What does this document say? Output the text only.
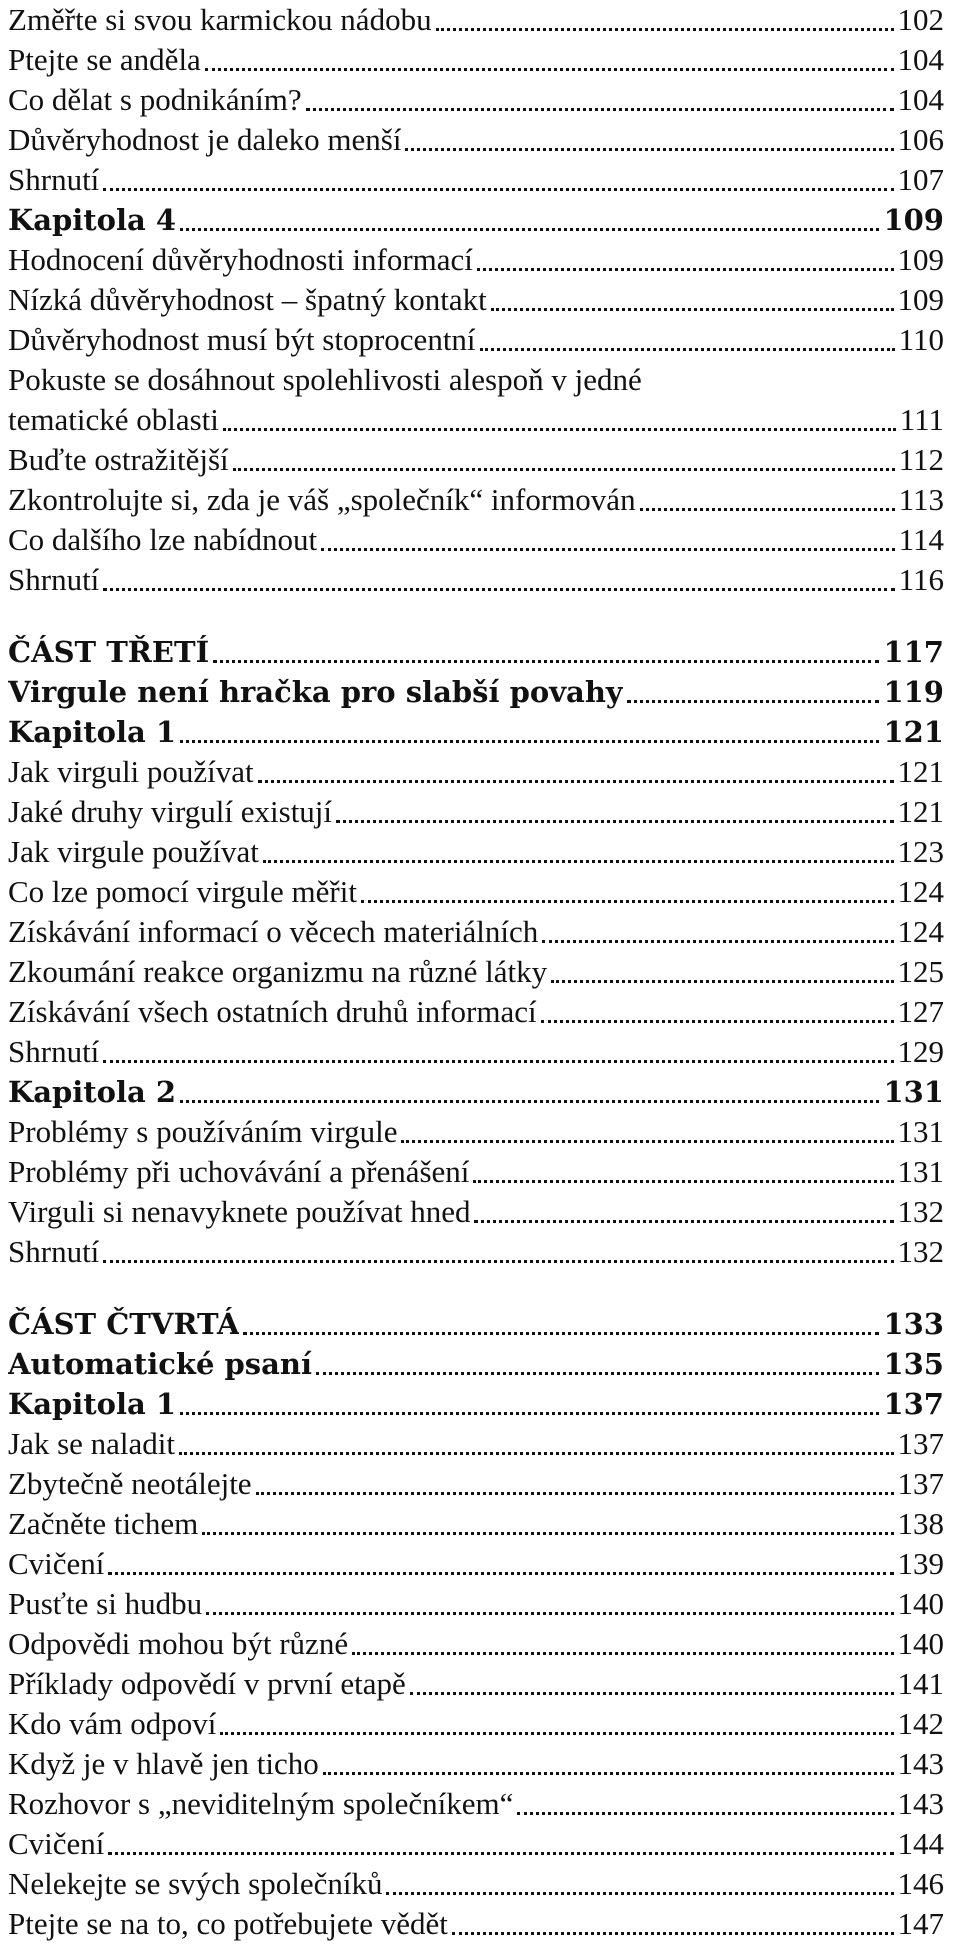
Změřte si svou karmickou nádobu	102
Ptejte se anděla	104
Co dělat s podnikáním?	104
Důvěryhodnost je daleko menší	106
Shrnutí	107
Kapitola 4	109
Hodnocení důvěryhodnosti informací	109
Nízká důvěryhodnost – špatný kontakt	109
Důvěryhodnost musí být stoprocentní	110
Pokuste se dosáhnout spolehlivosti alespoň v jedné
tematické oblasti	111
Buďte ostražitější	112
Zkontrolujte si, zda je váš „společník“ informován	113
Co dalšího lze nabídnout	114
Shrnutí	116
ČÁST TŘETÍ	117
Virgule není hračka pro slabší povahy	119
Kapitola 1	121
Jak virguli používat	121
Jaké druhy virgulí existují	121
Jak virgule používat	123
Co lze pomocí virgule měřit	124
Získávání informací o věcech materiálních	124
Zkoumání reakce organizmu na různé látky	125
Získávání všech ostatních druhů informací	127
Shrnutí	129
Kapitola 2	131
Problémy s používáním virgule	131
Problémy při uchovávání a přenášení	131
Virguli si nenavyknete používat hned	132
Shrnutí	132
ČÁST ČTVRTÁ	133
Automatické psaní	135
Kapitola 1	137
Jak se naladit	137
Zbytečně neotálejte	137
Začněte tichem	138
Cvičení	139
Pusťte si hudbu	140
Odpovědi mohou být různé	140
Příklady odpovědí v první etapě	141
Kdo vám odpoví	142
Když je v hlavě jen ticho	143
Rozhovor s „neviditelným společníkem“	143
Cvičení	144
Nelekejte se svých společníků	146
Ptejte se na to, co potřebujete vědět	147
